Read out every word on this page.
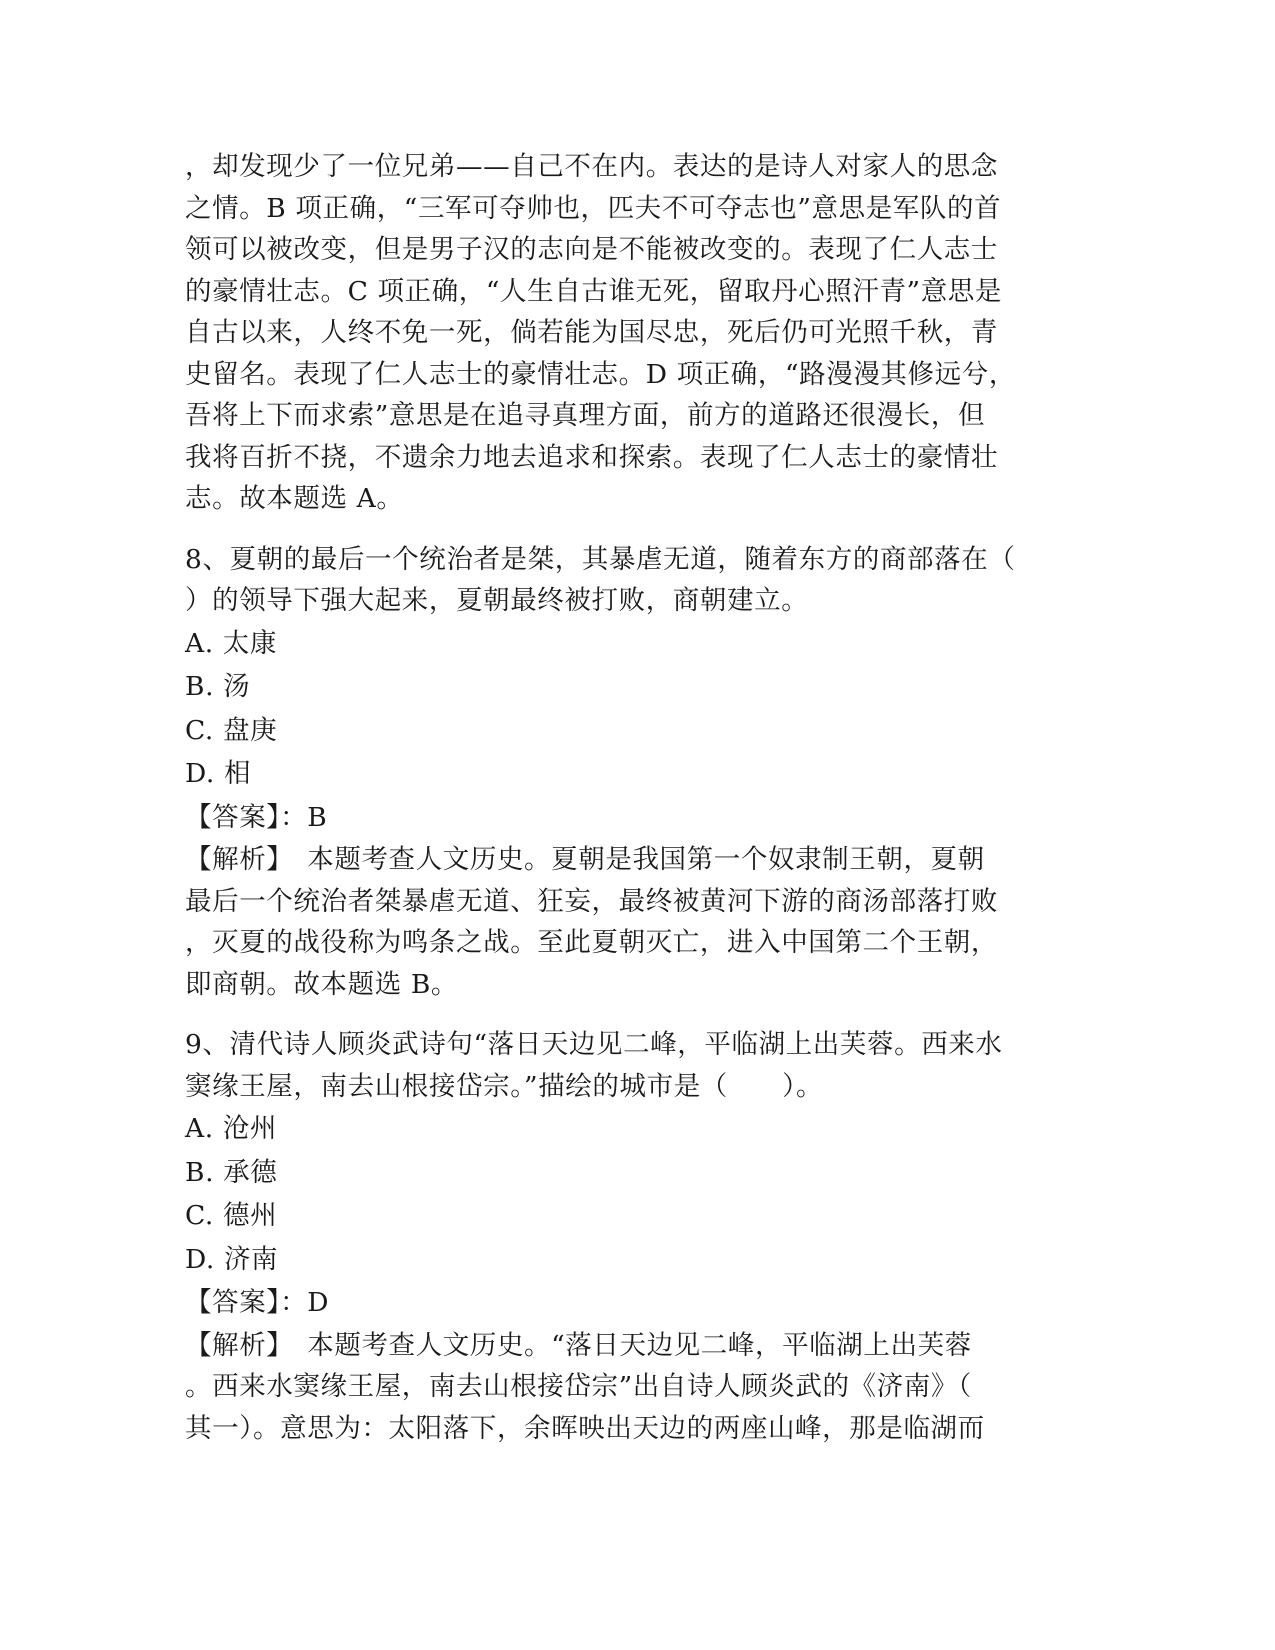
，却发现少了一位兄弟——自己不在内。表达的是诗人对家人的思念
之情。B 项正确，“三军可夺帅也，匹夫不可夺志也”意思是军队的首
领可以被改变，但是男子汉的志向是不能被改变的。表现了仁人志士
的豪情壮志。C 项正确，“人生自古谁无死，留取丹心照汗青”意思是
自古以来，人终不免一死，倘若能为国尽忠，死后仍可光照千秋，青
史留名。表现了仁人志士的豪情壮志。D 项正确，“路漫漫其修远兮，
吾将上下而求索”意思是在追寻真理方面，前方的道路还很漫长，但
我将百折不挠，不遗余力地去追求和探索。表现了仁人志士的豪情壮
志。故本题选 A。

8、夏朝的最后一个统治者是桀，其暴虐无道，随着东方的商部落在（
）的领导下强大起来，夏朝最终被打败，商朝建立。

A. 太康
B. 汤
C. 盘庚
D. 相
【答案】：B

【解析】　本题考查人文历史。夏朝是我国第一个奴隶制王朝，夏朝
最后一个统治者桀暴虐无道、狂妄，最终被黄河下游的商汤部落打败
，灭夏的战役称为鸣条之战。至此夏朝灭亡，进入中国第二个王朝，
即商朝。故本题选 B。

9、清代诗人顾炎武诗句“落日天边见二峰，平临湖上出芙蓉。西来水
窦缘王屋，南去山根接岱宗。”描绘的城市是（　　）。

A. 沧州
B. 承德
C. 德州
D. 济南
【答案】：D

【解析】　本题考查人文历史。“落日天边见二峰，平临湖上出芙蓉
。西来水窦缘王屋，南去山根接岱宗”出自诗人顾炎武的《济南》（
其一）。意思为：太阳落下，余晖映出天边的两座山峰，那是临湖而
